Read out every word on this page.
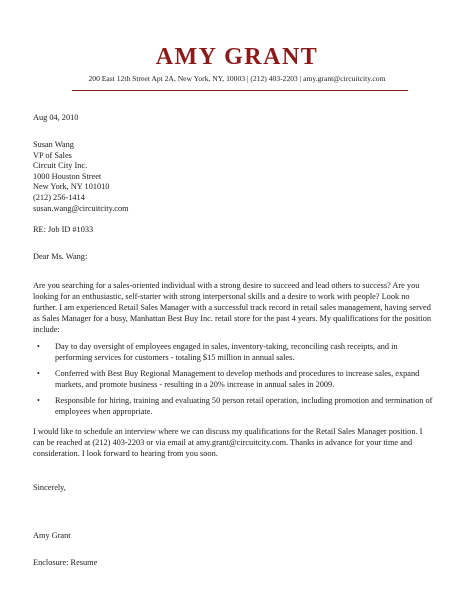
AMY GRANT
200 East 12th Street Apt 2A, New York, NY, 10003 | (212) 403-2203 | amy.grant@circuitcity.com
Aug 04, 2010
Susan Wang
VP of Sales
Circuit City Inc.
1000 Houston Street
New York, NY 101010
(212) 256-1414
susan.wang@circuitcity.com
RE: Job ID #1033
Dear Ms. Wang:
Are you searching for a sales-oriented individual with a strong desire to succeed and lead others to success? Are you looking for an enthusiastic, self-starter with strong interpersonal skills and a desire to work with people? Look no further. I am experienced Retail Sales Manager with a successful track record in retail sales management, having served as Sales Manager for a busy, Manhattan Best Buy Inc. retail store for the past 4 years. My qualifications for the position include:
• Day to day oversight of employees engaged in sales, inventory-taking, reconciling cash receipts, and in performing services for customers - totaling $15 million in annual sales.
• Conferred with Best Buy Regional Management to develop methods and procedures to increase sales, expand markets, and promote business - resulting in a 20% increase in annual sales in 2009.
• Responsible for hiring, training and evaluating 50 person retail operation, including promotion and termination of employees when appropriate.
I would like to schedule an interview where we can discuss my qualifications for the Retail Sales Manager position. I can be reached at (212) 403-2203 or via email at amy.grant@circuitcity.com. Thanks in advance for your time and consideration. I look forward to hearing from you soon.
Sincerely,
Amy Grant
Enclosure: Resume
